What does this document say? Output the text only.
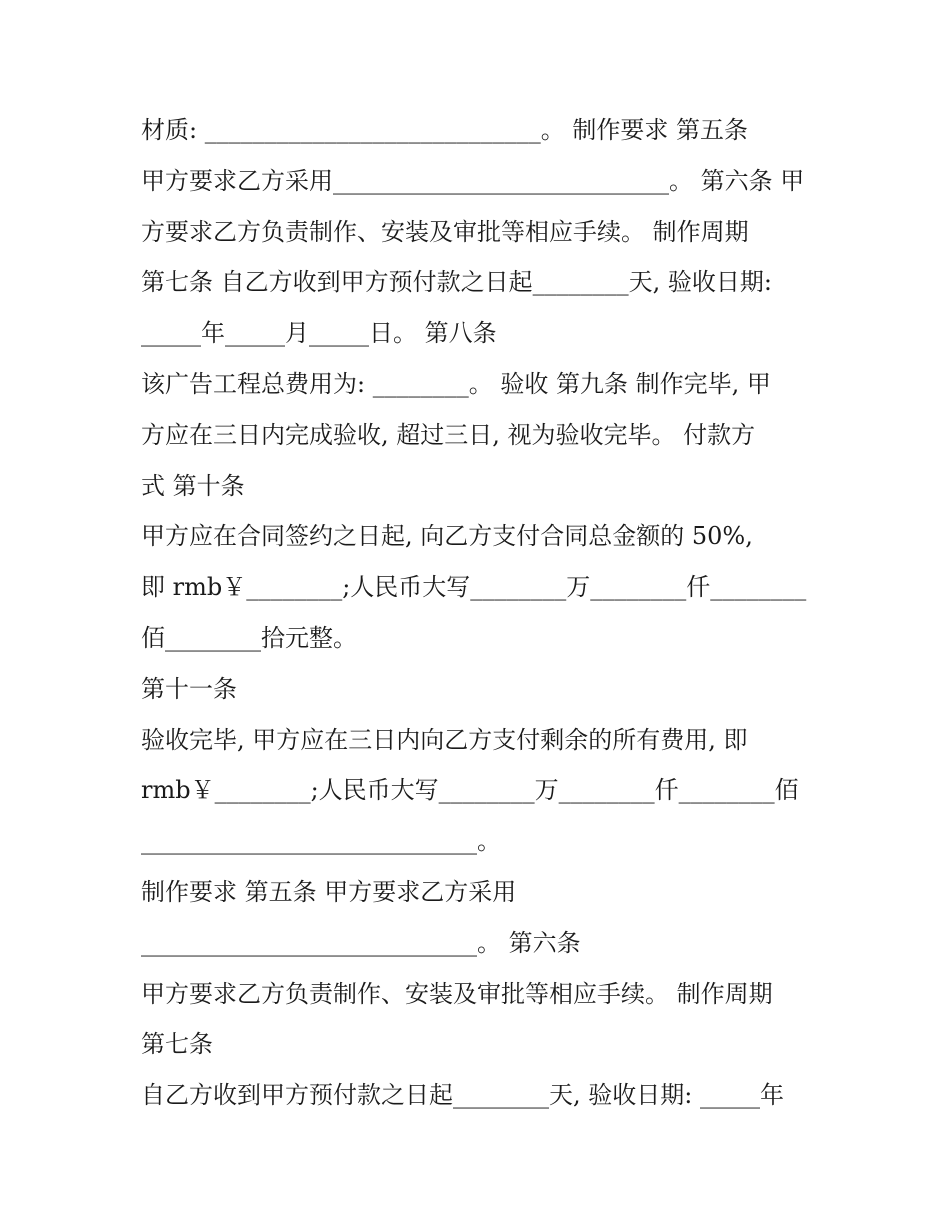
材质: ____________________________。 制作要求 第五条
甲方要求乙方采用____________________________。 第六条 甲
方要求乙方负责制作、安装及审批等相应手续。 制作周期
第七条 自乙方收到甲方预付款之日起________天, 验收日期:
_____年_____月_____日。 第八条
该广告工程总费用为: ________。 验收 第九条 制作完毕, 甲
方应在三日内完成验收, 超过三日, 视为验收完毕。 付款方
式 第十条
甲方应在合同签约之日起, 向乙方支付合同总金额的 50%,
即 rmb￥________;人民币大写________万________仟________
佰________拾元整。
第十一条
验收完毕, 甲方应在三日内向乙方支付剩余的所有费用, 即
rmb￥________;人民币大写________万________仟________佰
____________________________。
制作要求 第五条 甲方要求乙方采用
____________________________。 第六条
甲方要求乙方负责制作、安装及审批等相应手续。 制作周期
第七条
自乙方收到甲方预付款之日起________天, 验收日期: _____年
